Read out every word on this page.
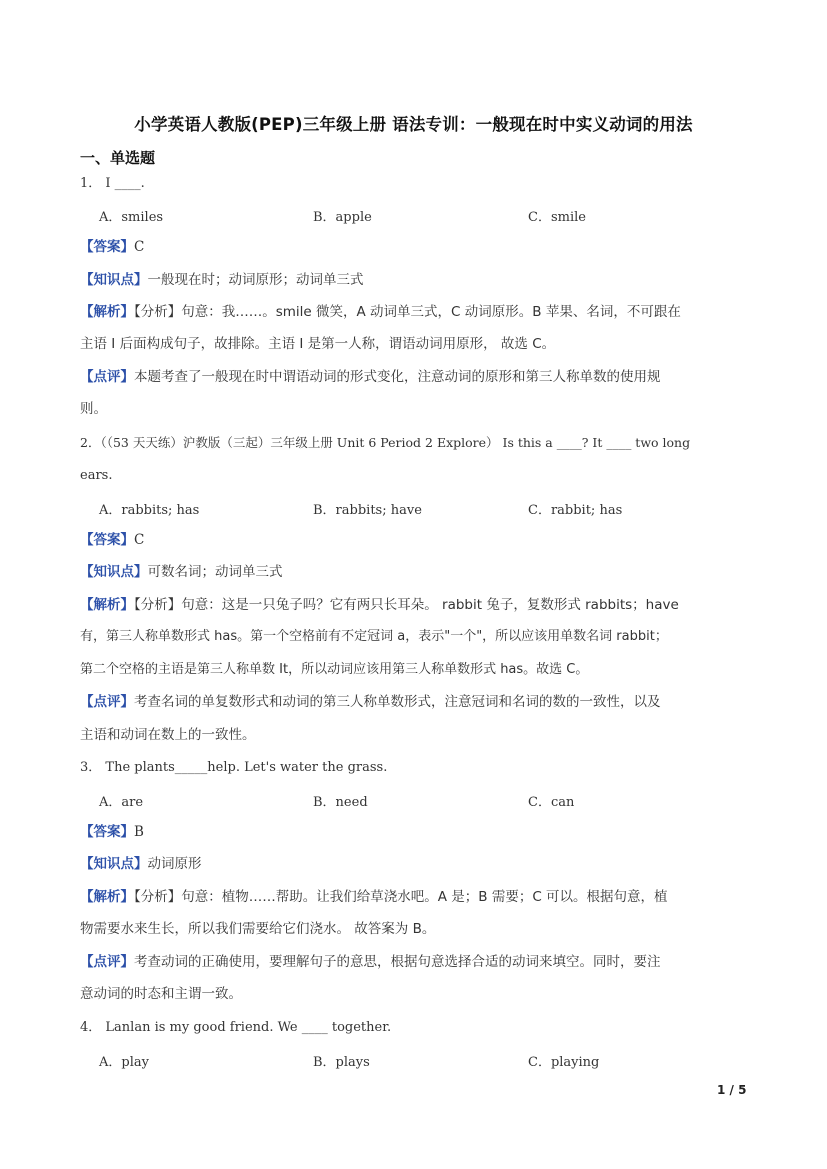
小学英语人教版(PEP)三年级上册 语法专训：一般现在时中实义动词的用法
一、单选题
1． I ____.
A．smiles	B．apple	C．smile
【答案】C
【知识点】一般现在时；动词原形；动词单三式
【解析】【分析】句意：我……。smile 微笑，A 动词单三式，C 动词原形。B 苹果、名词，不可跟在
主语 I 后面构成句子，故排除。主语 I 是第一人称，谓语动词用原形， 故选 C。
【点评】本题考查了一般现在时中谓语动词的形式变化，注意动词的原形和第三人称单数的使用规
则。
2．（（53 天天练）沪教版（三起）三年级上册 Unit 6 Period 2 Explore） Is this a ____? It ____ two long
ears.
A．rabbits; has	B．rabbits; have	C．rabbit; has
【答案】C
【知识点】可数名词；动词单三式
【解析】【分析】句意：这是一只兔子吗？它有两只长耳朵。 rabbit 兔子，复数形式 rabbits；have
有，第三人称单数形式 has。第一个空格前有不定冠词 a，表示"一个"，所以应该用单数名词 rabbit；
第二个空格的主语是第三人称单数 It，所以动词应该用第三人称单数形式 has。故选 C。
【点评】考查名词的单复数形式和动词的第三人称单数形式，注意冠词和名词的数的一致性，以及
主语和动词在数上的一致性。
3． The plants_____help. Let's water the grass.
A．are	B．need	C．can
【答案】B
【知识点】动词原形
【解析】【分析】句意：植物……帮助。让我们给草浇水吧。A 是；B 需要；C 可以。根据句意，植
物需要水来生长，所以我们需要给它们浇水。 故答案为 B。
【点评】考查动词的正确使用，要理解句子的意思，根据句意选择合适的动词来填空。同时，要注
意动词的时态和主谓一致。
4． Lanlan is my good friend. We ____ together.
A．play	B．plays	C．playing
1 / 5
